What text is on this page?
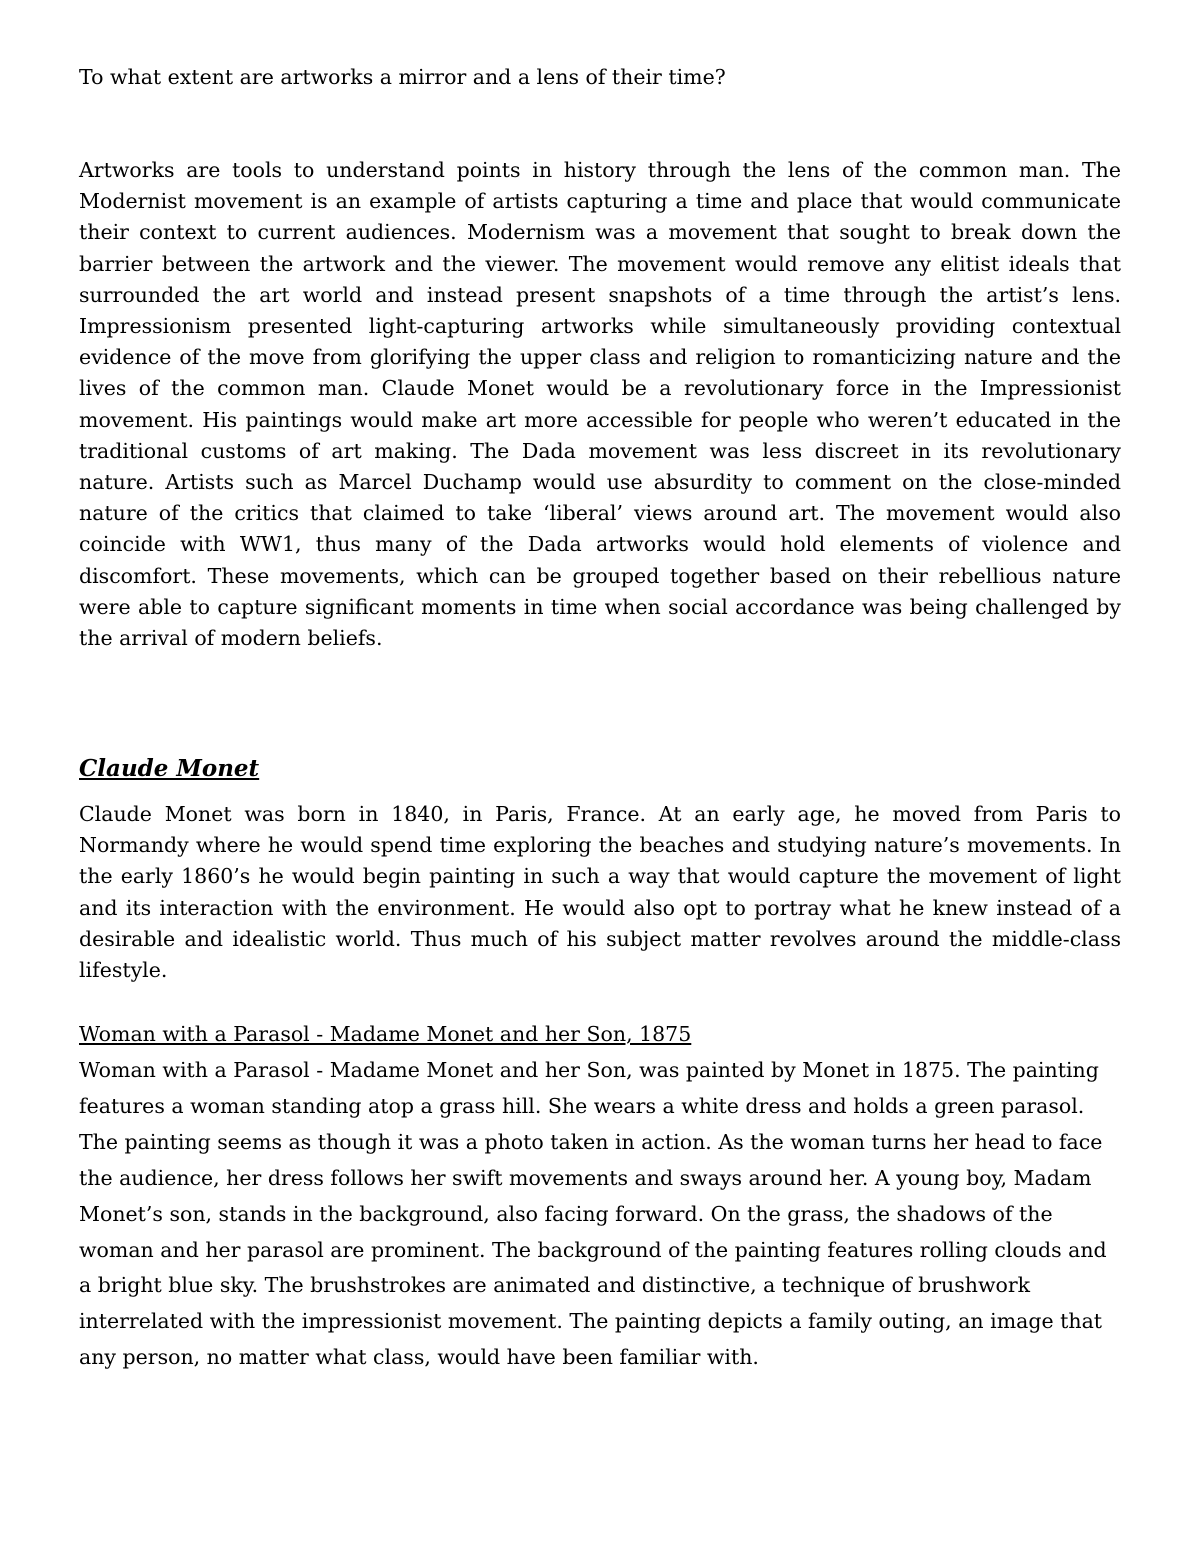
To what extent are artworks a mirror and a lens of their time?

Artworks are tools to understand points in history through the lens of the common man. The Modernist movement is an example of artists capturing a time and place that would communicate their context to current audiences. Modernism was a movement that sought to break down the barrier between the artwork and the viewer. The movement would remove any elitist ideals that surrounded the art world and instead present snapshots of a time through the artist’s lens. Impressionism presented light-capturing artworks while simultaneously providing contextual evidence of the move from glorifying the upper class and religion to romanticizing nature and the lives of the common man. Claude Monet would be a revolutionary force in the Impressionist movement. His paintings would make art more accessible for people who weren’t educated in the traditional customs of art making. The Dada movement was less discreet in its revolutionary nature. Artists such as Marcel Duchamp would use absurdity to comment on the close-minded nature of the critics that claimed to take ‘liberal’ views around art. The movement would also coincide with WW1, thus many of the Dada artworks would hold elements of violence and discomfort. These movements, which can be grouped together based on their rebellious nature were able to capture significant moments in time when social accordance was being challenged by the arrival of modern beliefs.

Claude Monet

Claude Monet was born in 1840, in Paris, France. At an early age, he moved from Paris to Normandy where he would spend time exploring the beaches and studying nature’s movements. In the early 1860’s he would begin painting in such a way that would capture the movement of light and its interaction with the environment. He would also opt to portray what he knew instead of a desirable and idealistic world. Thus much of his subject matter revolves around the middle-class lifestyle.

Woman with a Parasol - Madame Monet and her Son, 1875

Woman with a Parasol - Madame Monet and her Son, was painted by Monet in 1875. The painting features a woman standing atop a grass hill. She wears a white dress and holds a green parasol. The painting seems as though it was a photo taken in action. As the woman turns her head to face the audience, her dress follows her swift movements and sways around her. A young boy, Madam Monet’s son, stands in the background, also facing forward. On the grass, the shadows of the woman and her parasol are prominent. The background of the painting features rolling clouds and a bright blue sky. The brushstrokes are animated and distinctive, a technique of brushwork interrelated with the impressionist movement. The painting depicts a family outing, an image that any person, no matter what class, would have been familiar with.
